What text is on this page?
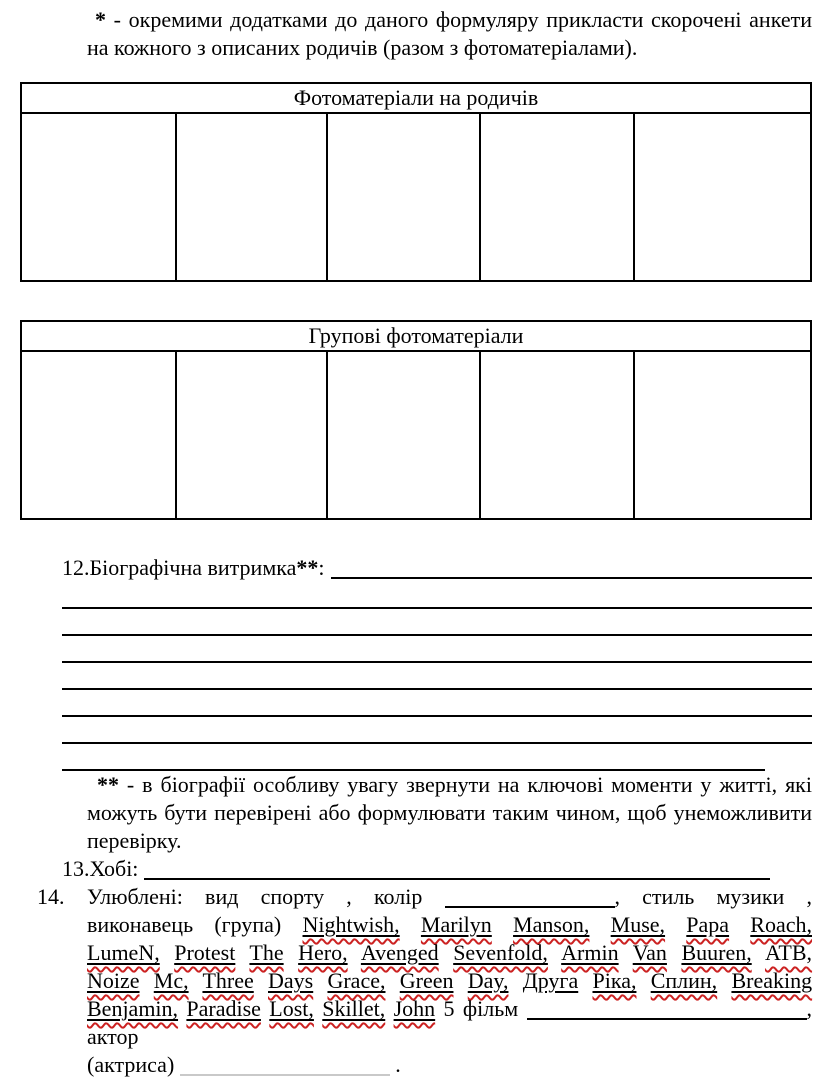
* - окремими додатками до даного формуляру прикласти скорочені анкети на кожного з описаних родичів (разом з фотоматеріалами).
Фотоматеріали на родичів
Групові фотоматеріали
12. Біографічна витримка**:
** - в біографії особливу увагу звернути на ключові моменти у житті, які можуть бути перевірені або формулювати таким чином, щоб унеможливити перевірку.
13. Хобі:
14. Улюблені: вид спорту , колір	, стиль музики ,
виконавець (група) Nightwish, Marilyn Manson, Muse, Papa Roach,
LumeN, Protest The Hero, Avenged Sevenfold, Armin Van Buuren, ATB,
Noize Mc, Three Days Grace, Green Day, Друга Ріка, Сплин, Breaking
Benjamin, Paradise Lost, Skillet, John 5 фільм	, актор
(актриса)	.
